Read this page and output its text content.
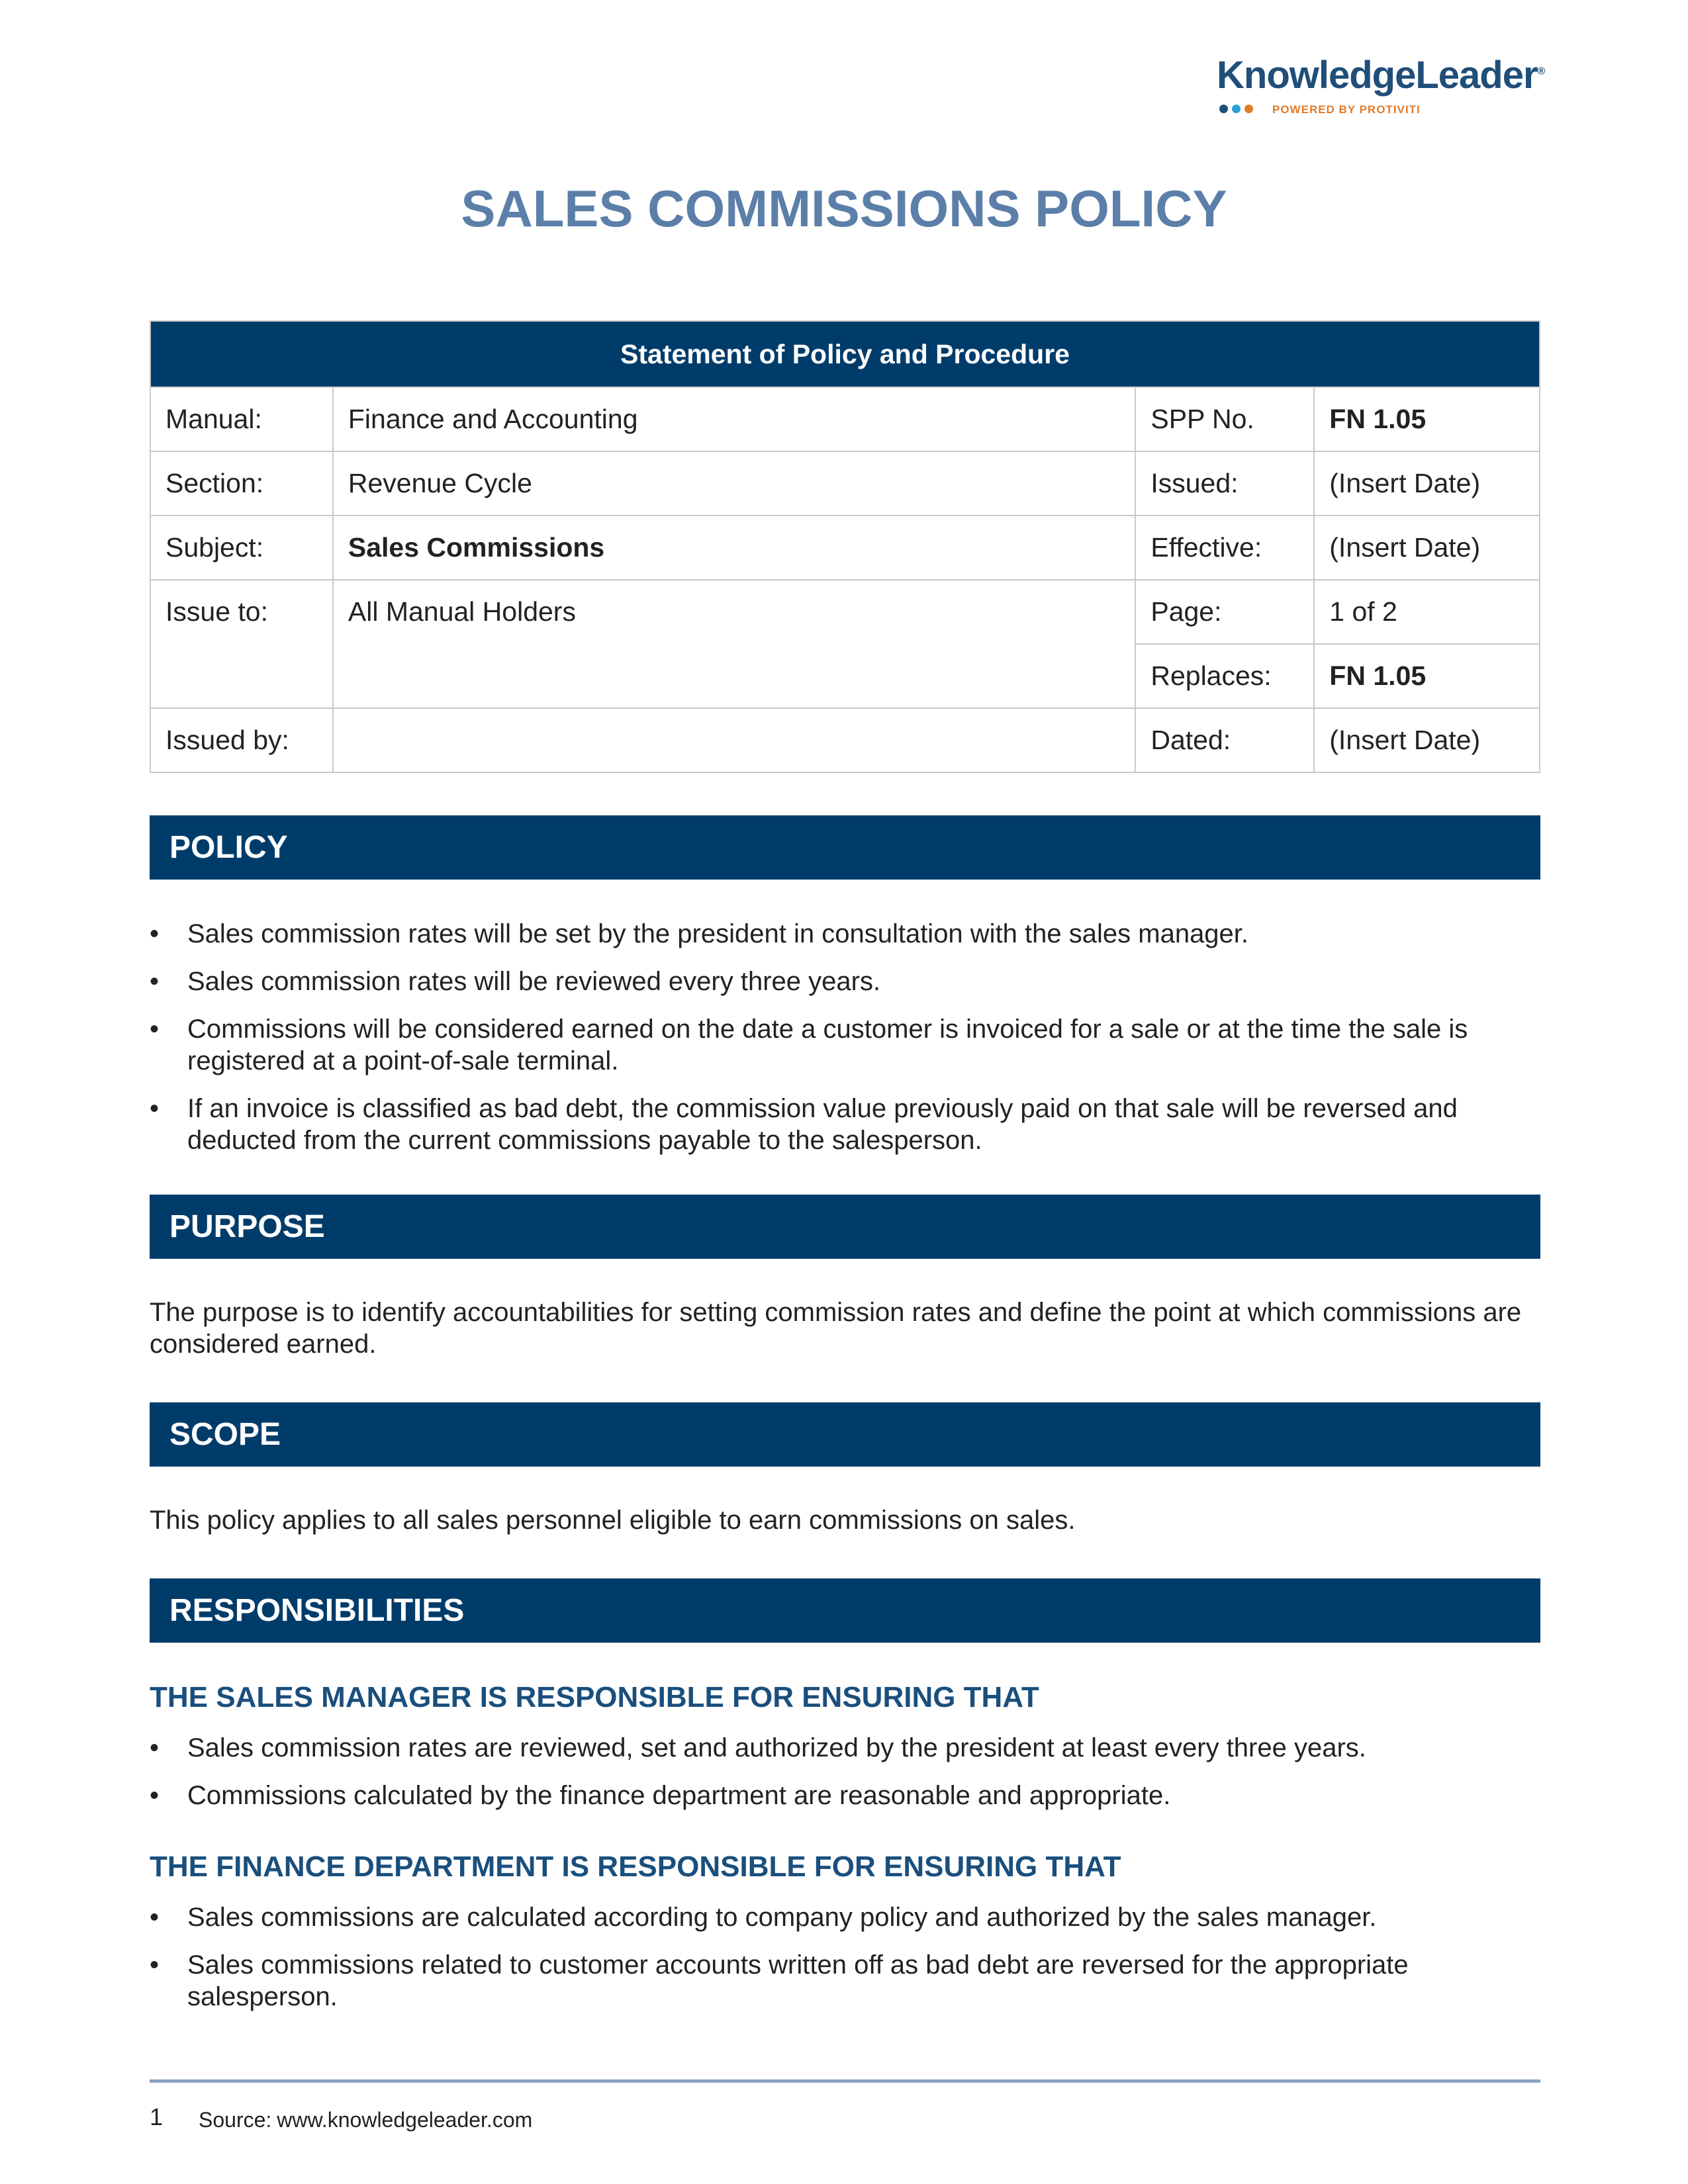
KnowledgeLeader®
POWERED BY PROTIVITI
SALES COMMISSIONS POLICY
Statement of Policy and Procedure			
Manual:	Finance and Accounting	SPP No.	FN 1.05
Section:	Revenue Cycle	Issued:	(Insert Date)
Subject:	Sales Commissions	Effective:	(Insert Date)
Issue to:	All Manual Holders	Page:	1 of 2
		Replaces:	FN 1.05
Issued by:		Dated:	(Insert Date)
POLICY
• Sales commission rates will be set by the president in consultation with the sales manager.
• Sales commission rates will be reviewed every three years.
• Commissions will be considered earned on the date a customer is invoiced for a sale or at the time the sale is registered at a point-of-sale terminal.
• If an invoice is classified as bad debt, the commission value previously paid on that sale will be reversed and deducted from the current commissions payable to the salesperson.
PURPOSE

The purpose is to identify accountabilities for setting commission rates and define the point at which commissions are considered earned.

SCOPE

This policy applies to all sales personnel eligible to earn commissions on sales.

RESPONSIBILITIES
THE SALES MANAGER IS RESPONSIBLE FOR ENSURING THAT
• Sales commission rates are reviewed, set and authorized by the president at least every three years.
• Commissions calculated by the finance department are reasonable and appropriate.
THE FINANCE DEPARTMENT IS RESPONSIBLE FOR ENSURING THAT
• Sales commissions are calculated according to company policy and authorized by the sales manager.
• Sales commissions related to customer accounts written off as bad debt are reversed for the appropriate salesperson.
1 Source: www.knowledgeleader.com
